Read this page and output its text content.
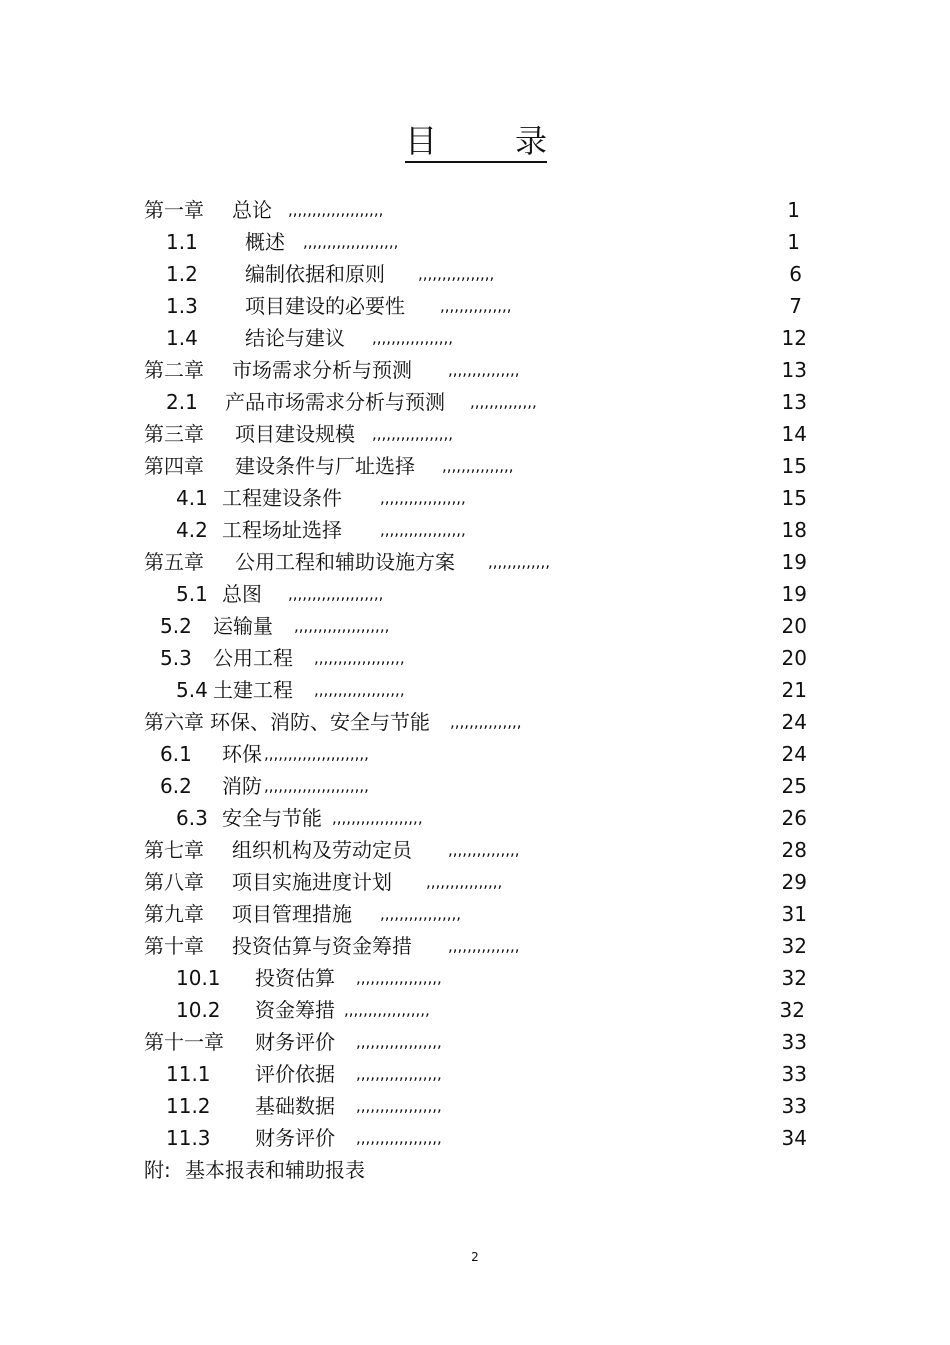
目 录
第一章 总论 ,,,,,,,,,,,,,,,,,,,,	1
1.1 概述 ,,,,,,,,,,,,,,,,,,,,	1
1.2 编制依据和原则 ,,,,,,,,,,,,,,,,	6
1.3 项目建设的必要性 ,,,,,,,,,,,,,,,	7
1.4 结论与建议 ,,,,,,,,,,,,,,,,,	12
第二章 市场需求分析与预测 ,,,,,,,,,,,,,,,	13
2.1 产品市场需求分析与预测 ,,,,,,,,,,,,,,	13
第三章 项目建设规模 ,,,,,,,,,,,,,,,,,	14
第四章 建设条件与厂址选择 ,,,,,,,,,,,,,,,	15
4.1 工程建设条件	,,,,,,,,,,,,,,,,,,	15
4.2 工程场址选择	,,,,,,,,,,,,,,,,,,	18
第五章 公用工程和辅助设施方案 ,,,,,,,,,,,,,	19
5.1 总图 ,,,,,,,,,,,,,,,,,,,,	19
5.2 运输量 ,,,,,,,,,,,,,,,,,,,,	20
5.3 公用工程 ,,,,,,,,,,,,,,,,,,,	20
5.4 土建工程 ,,,,,,,,,,,,,,,,,,,	21
第六章 环保、消防、安全与节能 ,,,,,,,,,,,,,,,	24
6.1 环保 ,,,,,,,,,,,,,,,,,,,,,,	24
6.2 消防 ,,,,,,,,,,,,,,,,,,,,,,	25
6.3 安全与节能 ,,,,,,,,,,,,,,,,,,,	26
第七章 组织机构及劳动定员 ,,,,,,,,,,,,,,,	28
第八章 项目实施进度计划 ,,,,,,,,,,,,,,,,	29
第九章 项目管理措施 ,,,,,,,,,,,,,,,,,	31
第十章 投资估算与资金筹措 ,,,,,,,,,,,,,,,	32
10.1 投资估算 ,,,,,,,,,,,,,,,,,,	32
10.2 资金筹措 ,,,,,,,,,,,,,,,,,,	32
第十一章 财务评价 ,,,,,,,,,,,,,,,,,,	33
11.1 评价依据 ,,,,,,,,,,,,,,,,,,	33
11.2 基础数据 ,,,,,,,,,,,,,,,,,,	33
11.3 财务评价 ,,,,,,,,,,,,,,,,,,	34
附: 基本报表和辅助报表
2
